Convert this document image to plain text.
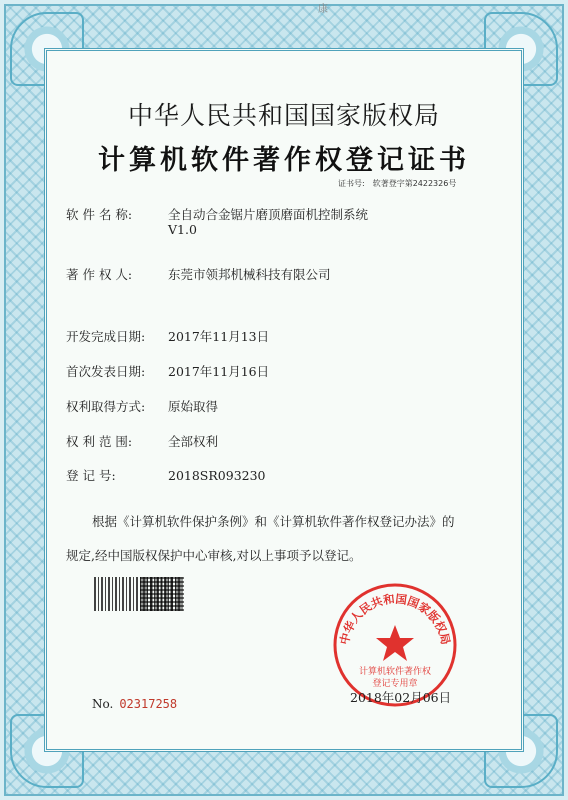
康
中华人民共和国国家版权局
计算机软件著作权登记证书
证书号: 软著登字第2422326号
软 件 名 称:	全自动合金锯片磨顶磨面机控制系统
V1.0
著 作 权 人:	东莞市领邦机械科技有限公司
开发完成日期: 2017年11月13日
首次发表日期: 2017年11月16日
权利取得方式: 原始取得
权 利 范 围:	全部权利
登 记 号:	2018SR093230
根据《计算机软件保护条例》和《计算机软件著作权登记办法》的
规定,经中国版权保护中心审核,对以上事项予以登记。
中华人民共和国国家版权局
计算机软件著作权
登记专用章
2018年02月06日
No. 02317258
